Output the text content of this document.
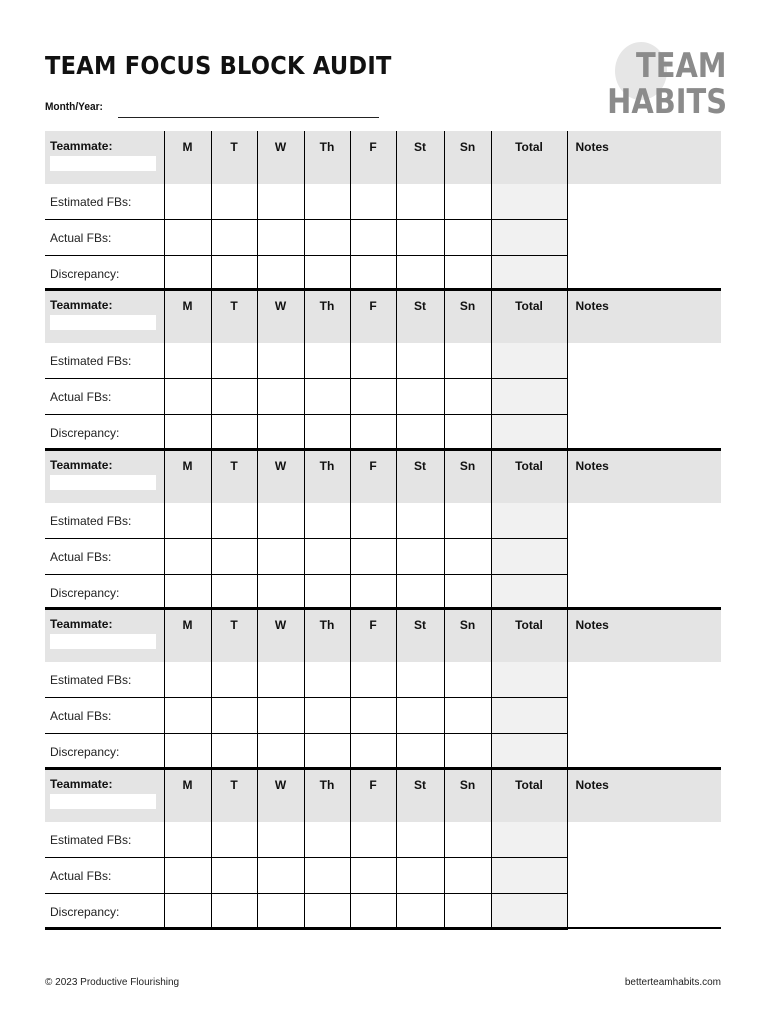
TEAM FOCUS BLOCK AUDIT
Month/Year:
TEAM
HABITS
Teammate:	M	T	W	Th	F	St	Sn	Total	Notes
Estimated FBs:									
Actual FBs:									
Discrepancy:									
Teammate:	M	T	W	Th	F	St	Sn	Total	Notes
Estimated FBs:									
Actual FBs:									
Discrepancy:									
Teammate:	M	T	W	Th	F	St	Sn	Total	Notes
Estimated FBs:									
Actual FBs:									
Discrepancy:									
Teammate:	M	T	W	Th	F	St	Sn	Total	Notes
Estimated FBs:									
Actual FBs:									
Discrepancy:									
Teammate:	M	T	W	Th	F	St	Sn	Total	Notes
Estimated FBs:									
Actual FBs:									
Discrepancy:									
© 2023 Productive Flourishing	betterteamhabits.com
